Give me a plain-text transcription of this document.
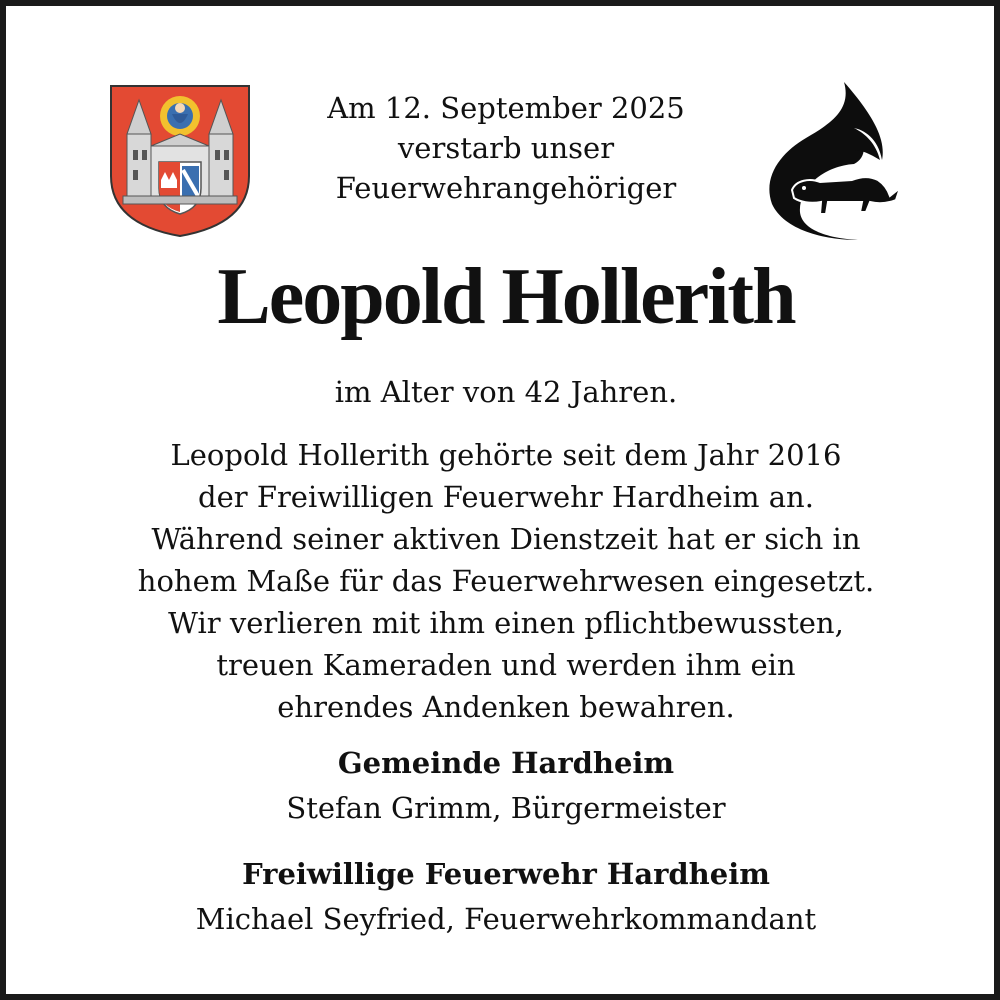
Am 12. September 2025
verstarb unser
Feuerwehrangehöriger
Leopold Hollerith
im Alter von 42 Jahren.
Leopold Hollerith gehörte seit dem Jahr 2016
der Freiwilligen Feuerwehr Hardheim an.
Während seiner aktiven Dienstzeit hat er sich in
hohem Maße für das Feuerwehrwesen eingesetzt.
Wir verlieren mit ihm einen pflichtbewussten,
treuen Kameraden und werden ihm ein
ehrendes Andenken bewahren.
Gemeinde Hardheim
Stefan Grimm, Bürgermeister
Freiwillige Feuerwehr Hardheim
Michael Seyfried, Feuerwehrkommandant
